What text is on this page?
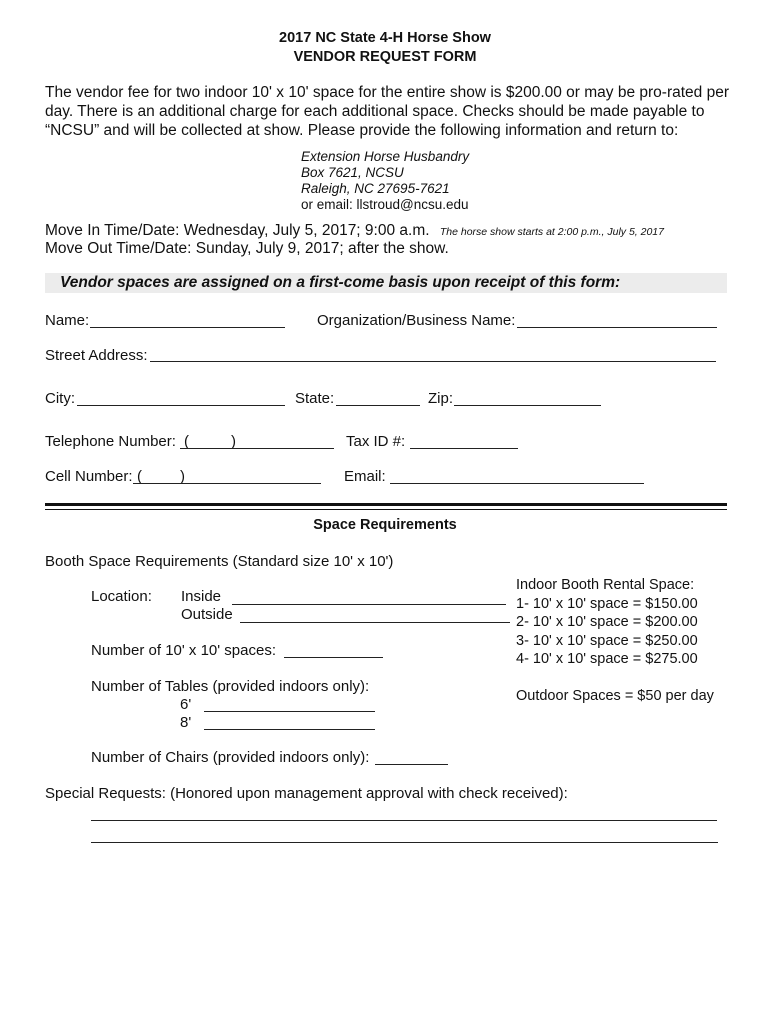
2017 NC State 4-H Horse Show
VENDOR REQUEST FORM
The vendor fee for two indoor 10' x 10' space for the entire show is $200.00 or may be pro-rated per
day. There is an additional charge for each additional space. Checks should be made payable to
“NCSU” and will be collected at show. Please provide the following information and return to:
Extension Horse Husbandry
Box 7621, NCSU
Raleigh, NC 27695-7621
or email: llstroud@ncsu.edu
Move In Time/Date: Wednesday, July 5, 2017; 9:00 a.m. The horse show starts at 2:00 p.m., July 5, 2017
Move Out Time/Date: Sunday, July 9, 2017; after the show.
Vendor spaces are assigned on a first-come basis upon receipt of this form:
Name:	Organization/Business Name:
Street Address:
City:	State:	Zip:
Telephone Number: (	)	Tax ID #:
Cell Number: (	)	Email:
Space Requirements
Booth Space Requirements (Standard size 10' x 10')
Location: Inside
Outside
Number of 10' x 10' spaces:
Number of Tables (provided indoors only):
6'
8'
Number of Chairs (provided indoors only):
Indoor Booth Rental Space:
1- 10' x 10' space = $150.00
2- 10' x 10' space = $200.00
3- 10' x 10' space = $250.00
4- 10' x 10' space = $275.00
Outdoor Spaces = $50 per day
Special Requests: (Honored upon management approval with check received):
